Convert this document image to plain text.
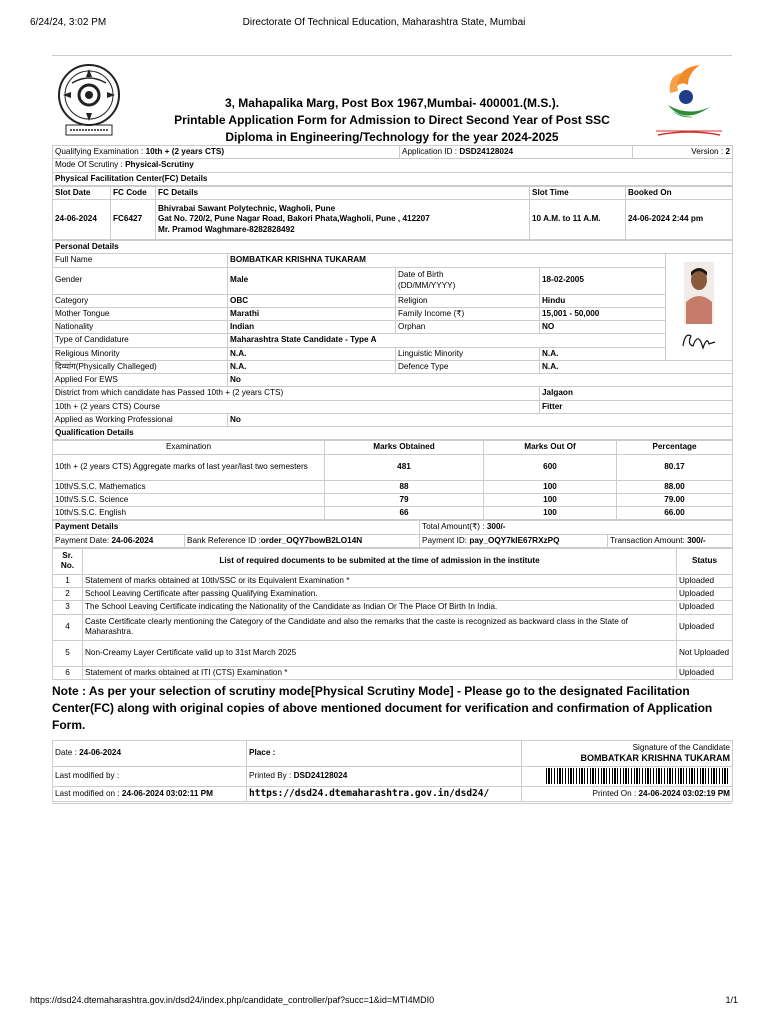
6/24/24, 3:02 PM	Directorate Of Technical Education, Maharashtra State, Mumbai
3, Mahapalika Marg, Post Box 1967,Mumbai- 400001.(M.S.).
Printable Application Form for Admission to Direct Second Year of Post SSC
Diploma in Engineering/Technology for the year 2024-2025
Qualifying Examination : 10th + (2 years CTS)	Application ID : DSD24128024	Version : 2
Mode Of Scrutiny : Physical-Scrutiny
Physical Facilitation Center(FC) Details
Slot Date	FC Code	FC Details	Slot Time	Booked On
24-06-2024	FC6427	Bhivrabai Sawant Polytechnic, Wagholi, Pune
Gat No. 720/2, Pune Nagar Road, Bakori Phata,Wagholi, Pune , 412207
Mr. Pramod Waghmare-8282828492	10 A.M. to 11 A.M.	24-06-2024 2:44 pm
Personal Details				
Full Name	BOMBATKAR KRISHNA TUKARAM	

Gender	Male	Date of Birth
(DD/MM/YYYY)	18-02-2005	
Category	OBC	Religion	Hindu	
Mother Tongue	Marathi	Family Income (₹)	15,001 - 50,000	
Nationality	Indian	Orphan	NO	
Type of Candidature	Maharashtra State Candidate - Type A			
Religious Minority	N.A.	Linguistic Minority	N.A.	
दिव्यांग(Physically Challeged)	N.A.	Defence Type	N.A.	
Applied For EWS	No			
District from which candidate has Passed 10th + (2 years CTS)			Jalgaon	
10th + (2 years CTS) Course			Fitter	
Applied as Working Professional	No			
Qualification Details				
Examination	Marks Obtained	Marks Out Of	Percentage
10th + (2 years CTS) Aggregate marks of last year/last two semesters	481	600	80.17
10th/S.S.C. Mathematics	88	100	88.00
10th/S.S.C. Science	79	100	79.00
10th/S.S.C. English	66	100	66.00
Payment Details		Total Amount(₹) : 300/-	
Payment Date: 24-06-2024	Bank Reference ID :order_OQY7bowB2LO14N	Payment ID: pay_OQY7kIE67RXzPQ	Transaction Amount: 300/-
Sr. No.	List of required documents to be submited at the time of admission in the institute	Status
1	Statement of marks obtained at 10th/SSC or its Equivalent Examination *	Uploaded
2	School Leaving Certificate after passing Qualifying Examination.	Uploaded
3	The School Leaving Certificate indicating the Nationality of the Candidate as Indian Or The Place Of Birth In India.	Uploaded
4	Caste Certificate clearly mentioning the Category of the Candidate and also the remarks that the caste is recognized as backward class in the State of Maharashtra.	Uploaded
5	Non-Creamy Layer Certificate valid up to 31st March 2025	Not Uploaded
6	Statement of marks obtained at ITI (CTS) Examination *	Uploaded
Note : As per your selection of scrutiny mode[Physical Scrutiny Mode] - Please go to the designated Facilitation Center(FC) along with original copies of above mentioned document for verification and confirmation of Application Form.
Date : 24-06-2024	Place :	Signature of the Candidate
BOMBATKAR KRISHNA TUKARAM

Last modified by :	Printed By : DSD24128024	
Last modified on : 24-06-2024 03:02:11 PM	https://dsd24.dtemaharashtra.gov.in/dsd24/	Printed On : 24-06-2024 03:02:19 PM
https://dsd24.dtemaharashtra.gov.in/dsd24/index.php/candidate_controller/paf?succ=1&id=MTI4MDI0	1/1
